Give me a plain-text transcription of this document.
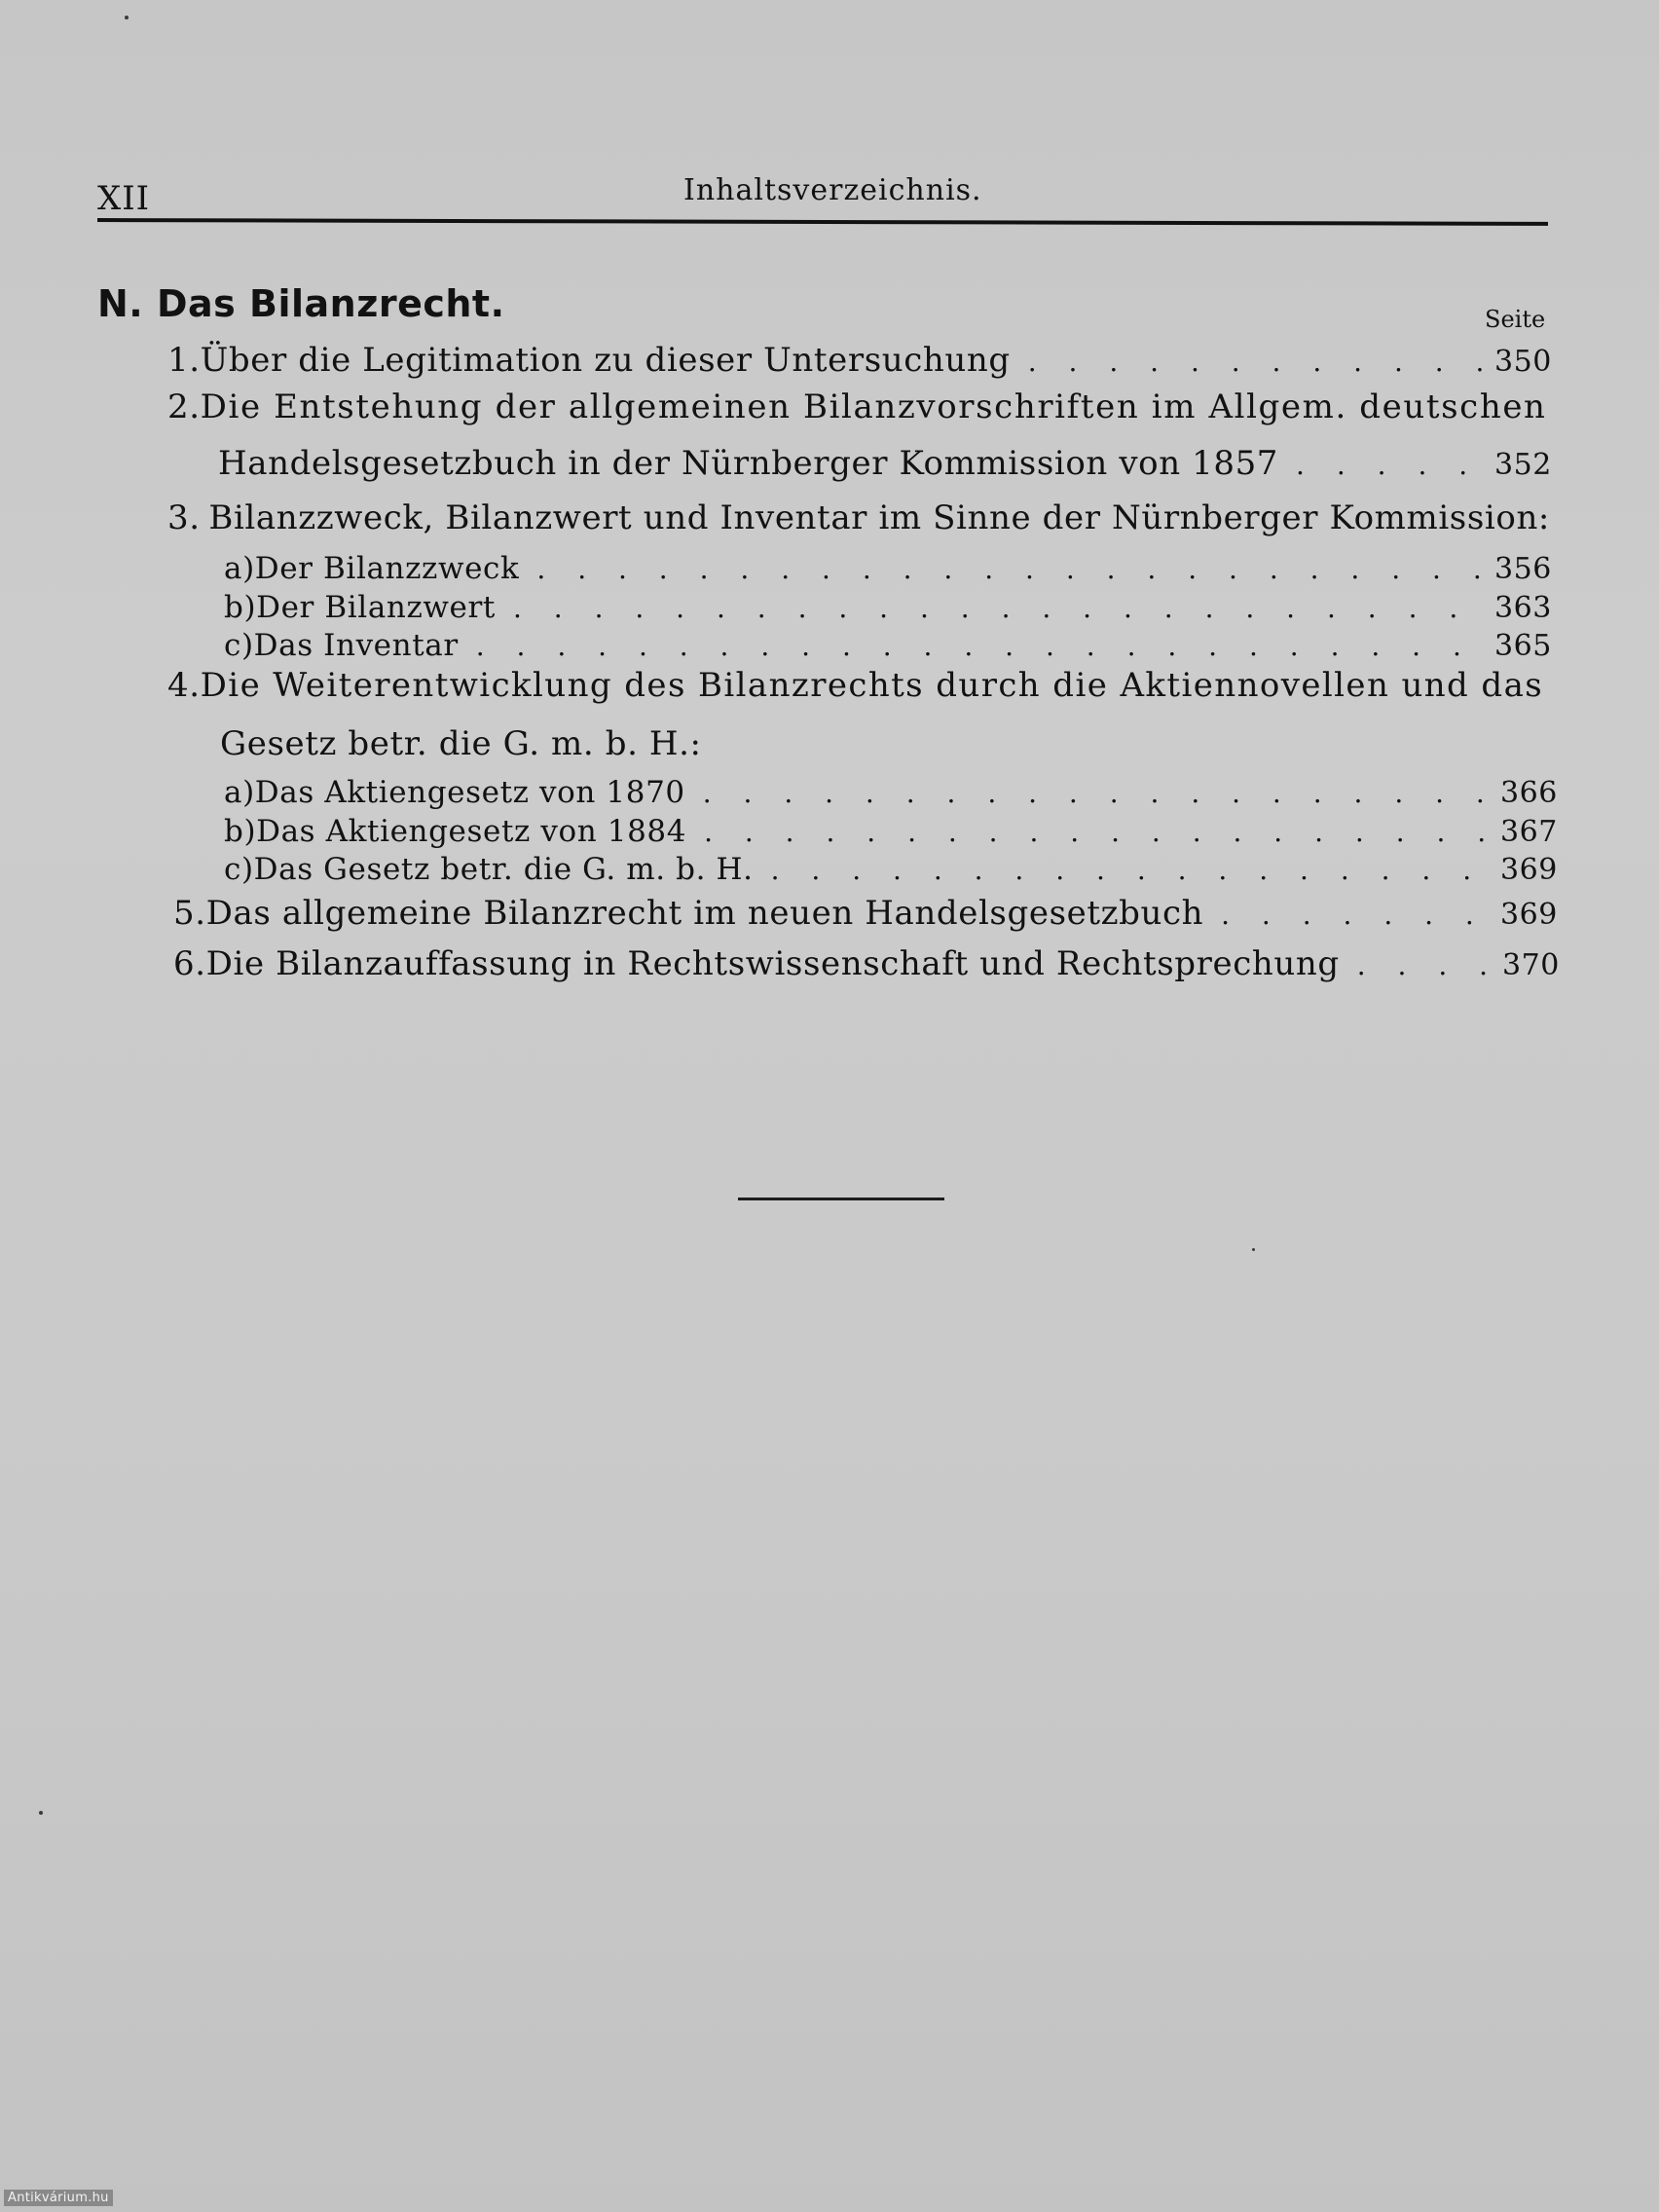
XII	Inhaltsverzeichnis.
N. Das Bilanzrecht.	Seite
1. Über die Legitimation zu dieser Untersuchung . . .	350
2. Die Entstehung der allgemeinen Bilanzvorschriften im Allgem. deutschen
Handelsgesetzbuch in der Nürnberger Kommission von 1857 . . .	352
3. Bilanzzweck, Bilanzwert und Inventar im Sinne der Nürnberger Kommission:
a) Der Bilanzzweck . . .	356
b) Der Bilanzwert . . .	363
c) Das Inventar . . .	365
4. Die Weiterentwicklung des Bilanzrechts durch die Aktiennovellen und das
Gesetz betr. die G. m. b. H.:
a) Das Aktiengesetz von 1870 . . .	366
b) Das Aktiengesetz von 1884 . . .	367
c) Das Gesetz betr. die G. m. b. H. . . .	369
5. Das allgemeine Bilanzrecht im neuen Handelsgesetzbuch . . .	369
6. Die Bilanzauffassung in Rechtswissenschaft und Rechtsprechung . . .	370
Antikvárium.hu
